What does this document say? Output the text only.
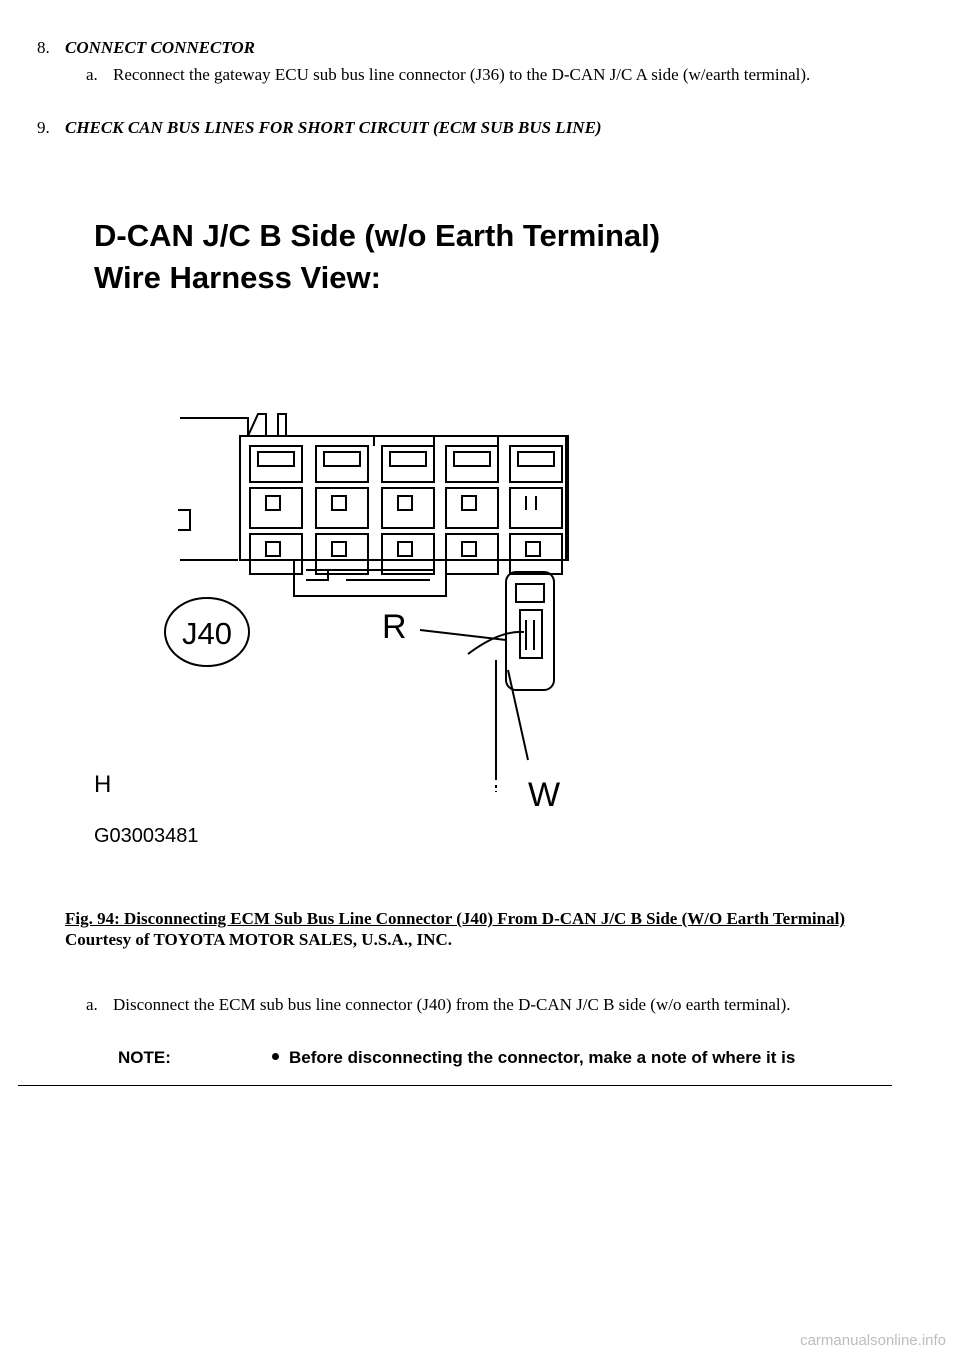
8. CONNECT CONNECTOR
a. Reconnect the gateway ECU sub bus line connector (J36) to the D-CAN J/C A side (w/earth terminal).
9. CHECK CAN BUS LINES FOR SHORT CIRCUIT (ECM SUB BUS LINE)
D-CAN J/C B Side (w/o Earth Terminal)
Wire Harness View:
J40	R
W
H
G03003481
Fig. 94: Disconnecting ECM Sub Bus Line Connector (J40) From D-CAN J/C B Side (W/O Earth Terminal)
Courtesy of TOYOTA MOTOR SALES, U.S.A., INC.
a. Disconnect the ECM sub bus line connector (J40) from the D-CAN J/C B side (w/o earth terminal).
NOTE:	Before disconnecting the connector, make a note of where it is
carmanualsonline.info
